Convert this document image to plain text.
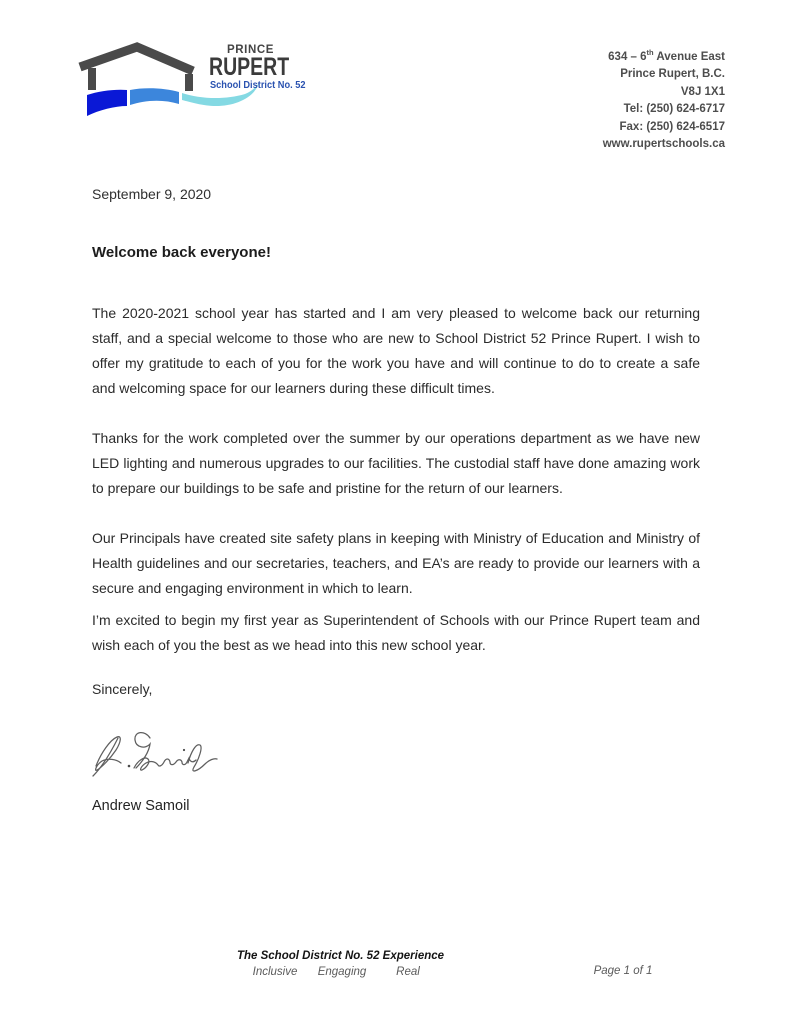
PRINCE
RUPERT
School District No. 52
634 – 6th Avenue East
Prince Rupert, B.C.
V8J 1X1
Tel: (250) 624-6717
Fax: (250) 624-6517
www.rupertschools.ca
September 9, 2020
Welcome back everyone!

The 2020-2021 school year has started and I am very pleased to welcome back our returning staff, and a special welcome to those who are new to School District 52 Prince Rupert. I wish to offer my gratitude to each of you for the work you have and will continue to do to create a safe and welcoming space for our learners during these difficult times.

Thanks for the work completed over the summer by our operations department as we have new LED lighting and numerous upgrades to our facilities. The custodial staff have done amazing work to prepare our buildings to be safe and pristine for the return of our learners.

Our Principals have created site safety plans in keeping with Ministry of Education and Ministry of Health guidelines and our secretaries, teachers, and EA’s are ready to provide our learners with a secure and engaging environment in which to learn.

I’m excited to begin my first year as Superintendent of Schools with our Prince Rupert team and wish each of you the best as we head into this new school year.

Sincerely,
Andrew Samoil
The School District No. 52 Experience
Inclusive Engaging	Real	Page 1 of 1
